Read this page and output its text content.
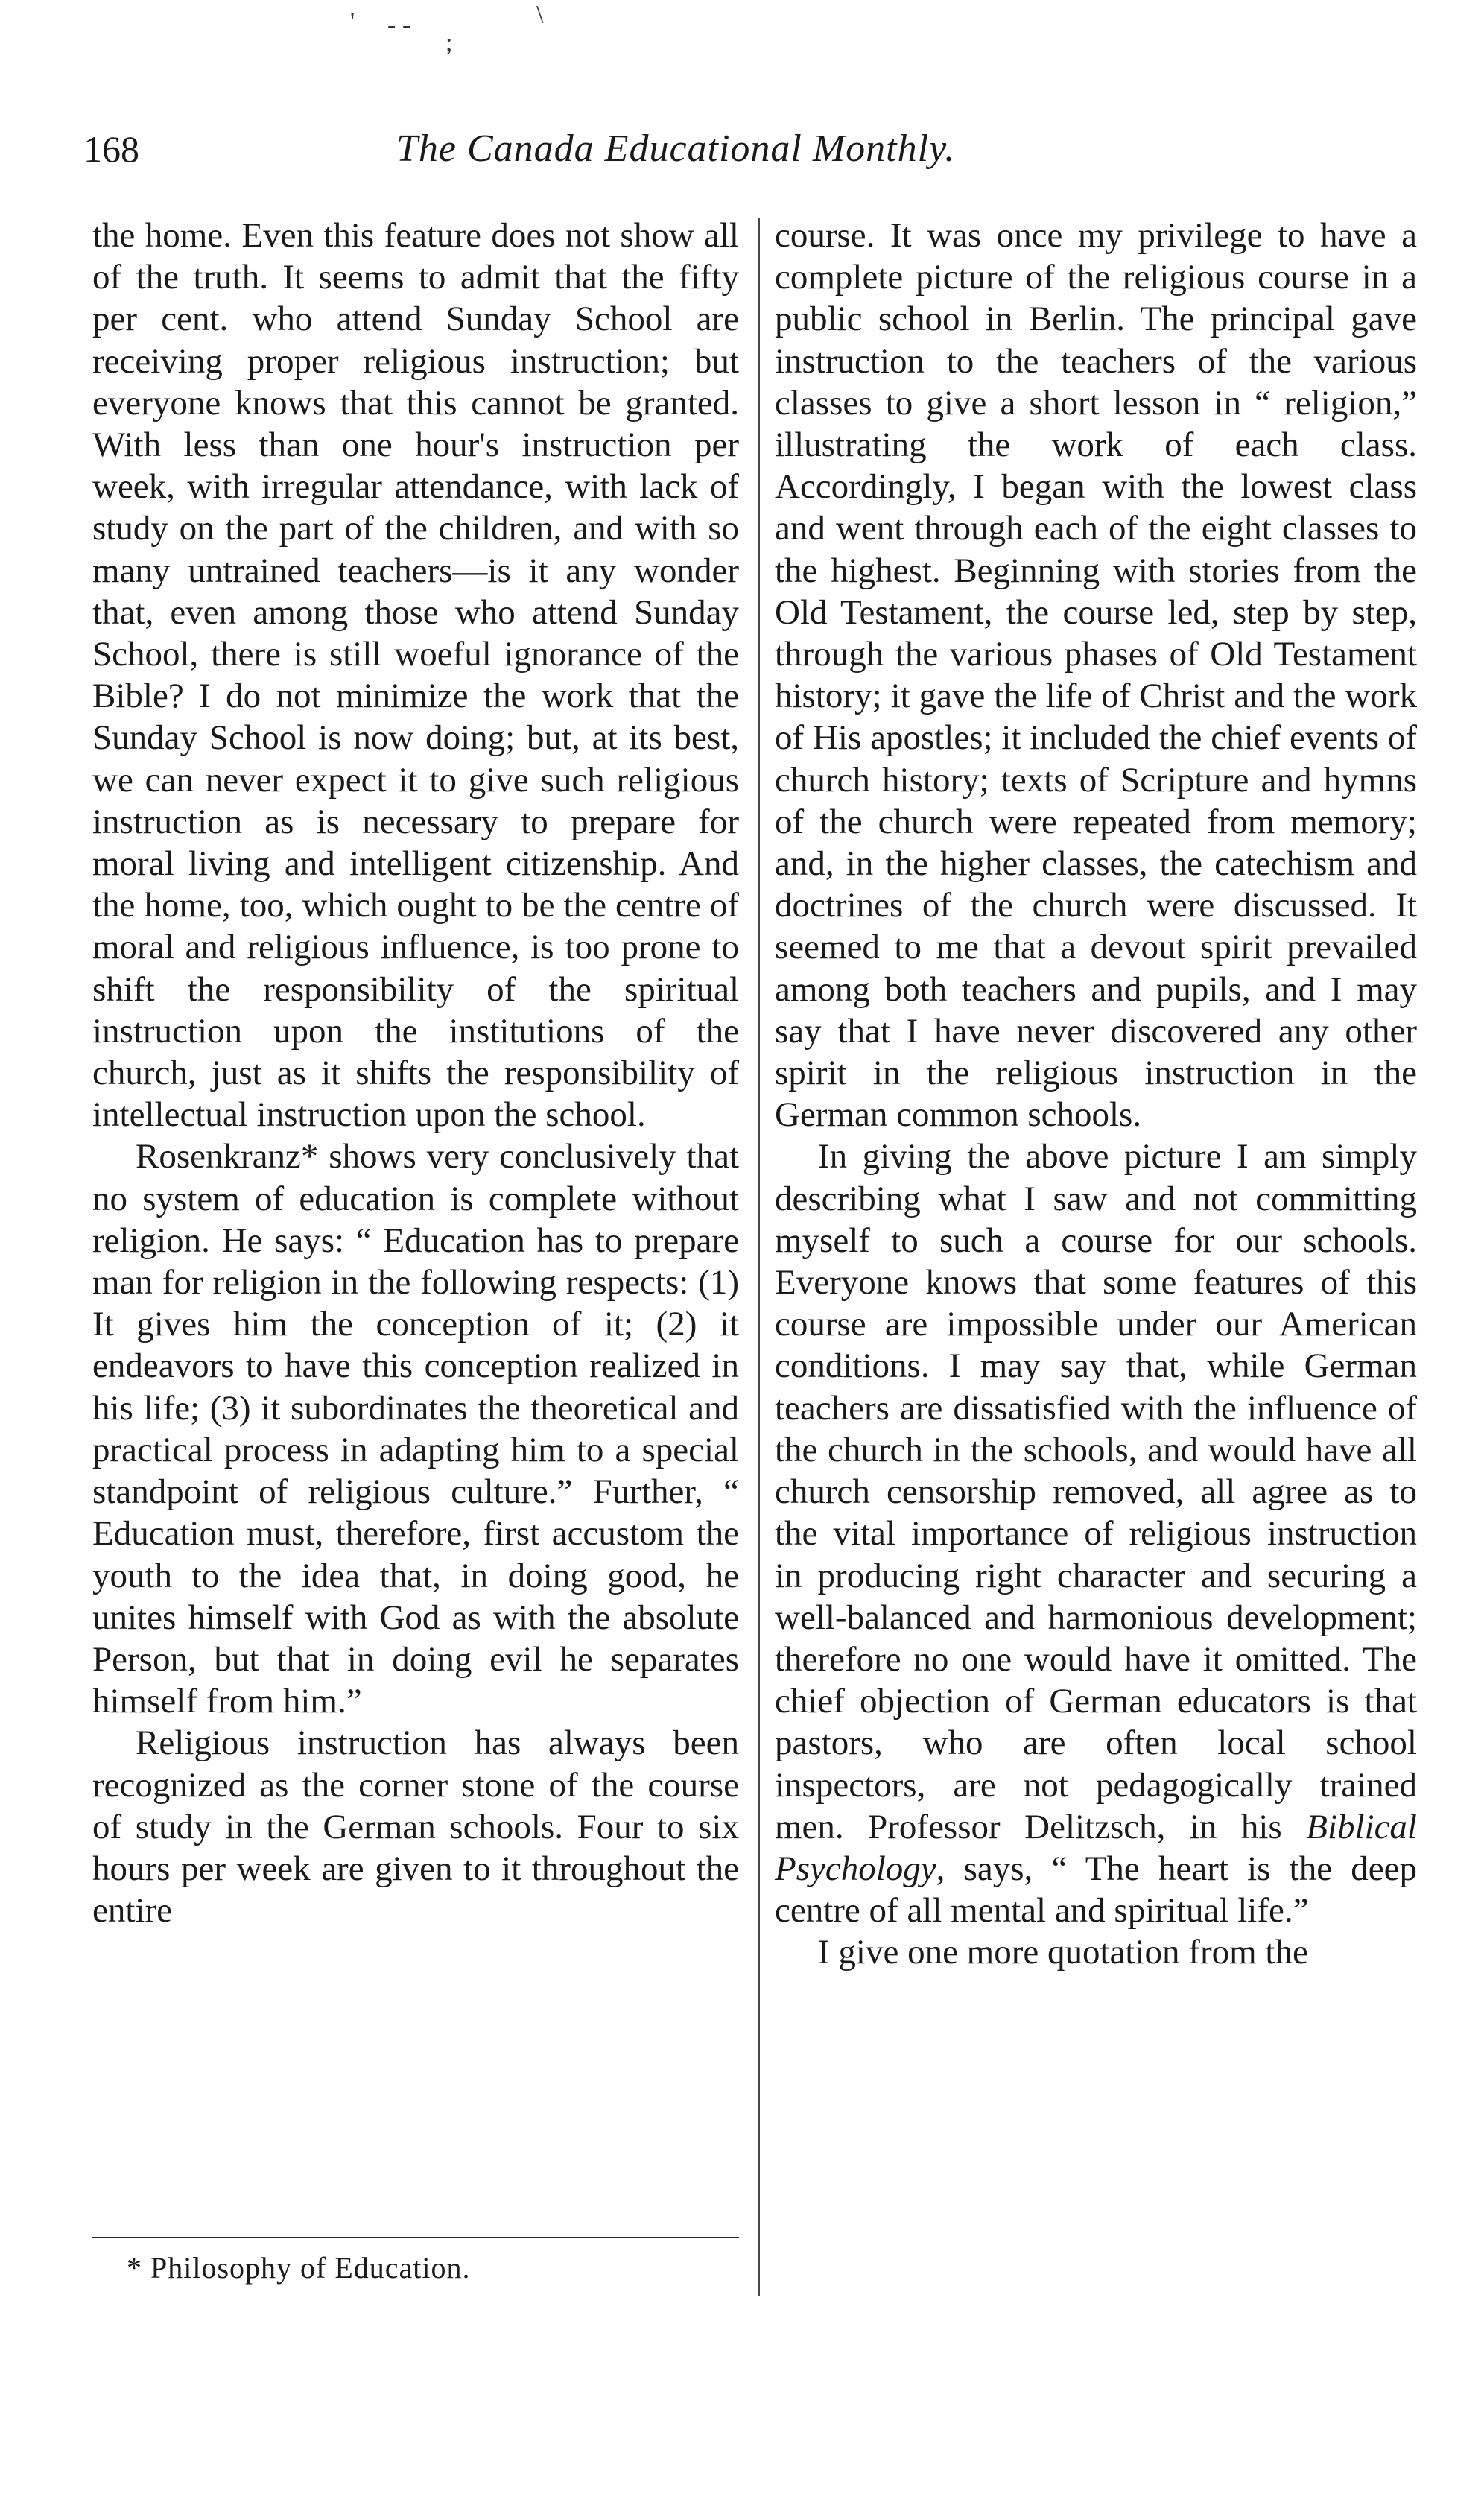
' - -
;
\
168	The Canada Educational Monthly.

the home. Even this feature does not show all of the truth. It seems to admit that the fifty per cent. who attend Sunday School are receiving proper religious instruction; but everyone knows that this cannot be granted. With less than one hour's instruction per week, with irregular attendance, with lack of study on the part of the children, and with so many untrained teachers—is it any wonder that, even among those who attend Sunday School, there is still woeful ignorance of the Bible? I do not minimize the work that the Sunday School is now doing; but, at its best, we can never expect it to give such religious instruction as is necessary to prepare for moral living and intelligent citizenship. And the home, too, which ought to be the centre of moral and religious influence, is too prone to shift the responsibility of the spiritual instruction upon the institutions of the church, just as it shifts the responsibility of intellectual instruction upon the school.

Rosenkranz* shows very conclusively that no system of education is complete without religion. He says: “ Education has to prepare man for religion in the following respects: (1) It gives him the conception of it; (2) it endeavors to have this conception realized in his life; (3) it subordinates the theoretical and practical process in adapting him to a special standpoint of religious culture.” Further, “ Education must, therefore, first accustom the youth to the idea that, in doing good, he unites himself with God as with the absolute Person, but that in doing evil he separates himself from him.”

Religious instruction has always been recognized as the corner stone of the course of study in the German schools. Four to six hours per week are given to it throughout the entire

course. It was once my privilege to have a complete picture of the religious course in a public school in Berlin. The principal gave instruction to the teachers of the various classes to give a short lesson in “ religion,” illustrating the work of each class. Accordingly, I began with the lowest class and went through each of the eight classes to the highest. Beginning with stories from the Old Testament, the course led, step by step, through the various phases of Old Testament history; it gave the life of Christ and the work of His apostles; it included the chief events of church history; texts of Scripture and hymns of the church were repeated from memory; and, in the higher classes, the catechism and doctrines of the church were discussed. It seemed to me that a devout spirit prevailed among both teachers and pupils, and I may say that I have never discovered any other spirit in the religious instruction in the German common schools.

In giving the above picture I am simply describing what I saw and not committing myself to such a course for our schools. Everyone knows that some features of this course are impossible under our American conditions. I may say that, while German teachers are dissatisfied with the influence of the church in the schools, and would have all church censorship removed, all agree as to the vital importance of religious instruction in producing right character and securing a well-balanced and harmonious development; therefore no one would have it omitted. The chief objection of German educators is that pastors, who are often local school inspectors, are not pedagogically trained men. Professor Delitzsch, in his Biblical Psychology, says, “ The heart is the deep centre of all mental and spiritual life.”

I give one more quotation from the

* Philosophy of Education.
